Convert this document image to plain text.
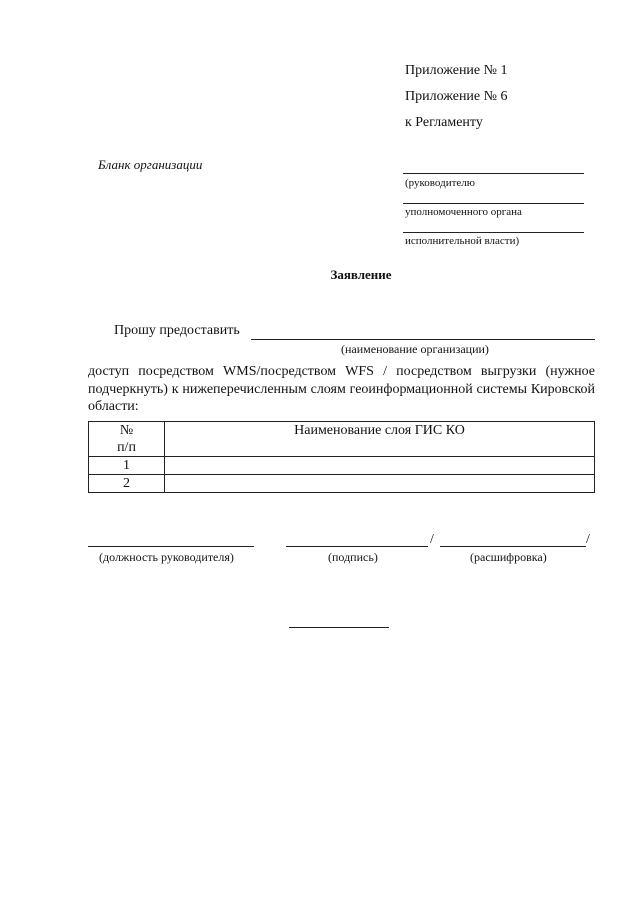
Приложение № 1
Приложение № 6
к Регламенту
Бланк организации
(руководителю
уполномоченного органа
исполнительной власти)
Заявление
Прошу предоставить
(наименование организации)
доступ посредством WMS/посредством WFS / посредством выгрузки (нужное подчеркнуть) к нижеперечисленным слоям геоинформационной системы Кировской области:
№
п/п	Наименование слоя ГИС КО
1	
2	
/	/
(должность руководителя)	(подпись)	(расшифровка)
